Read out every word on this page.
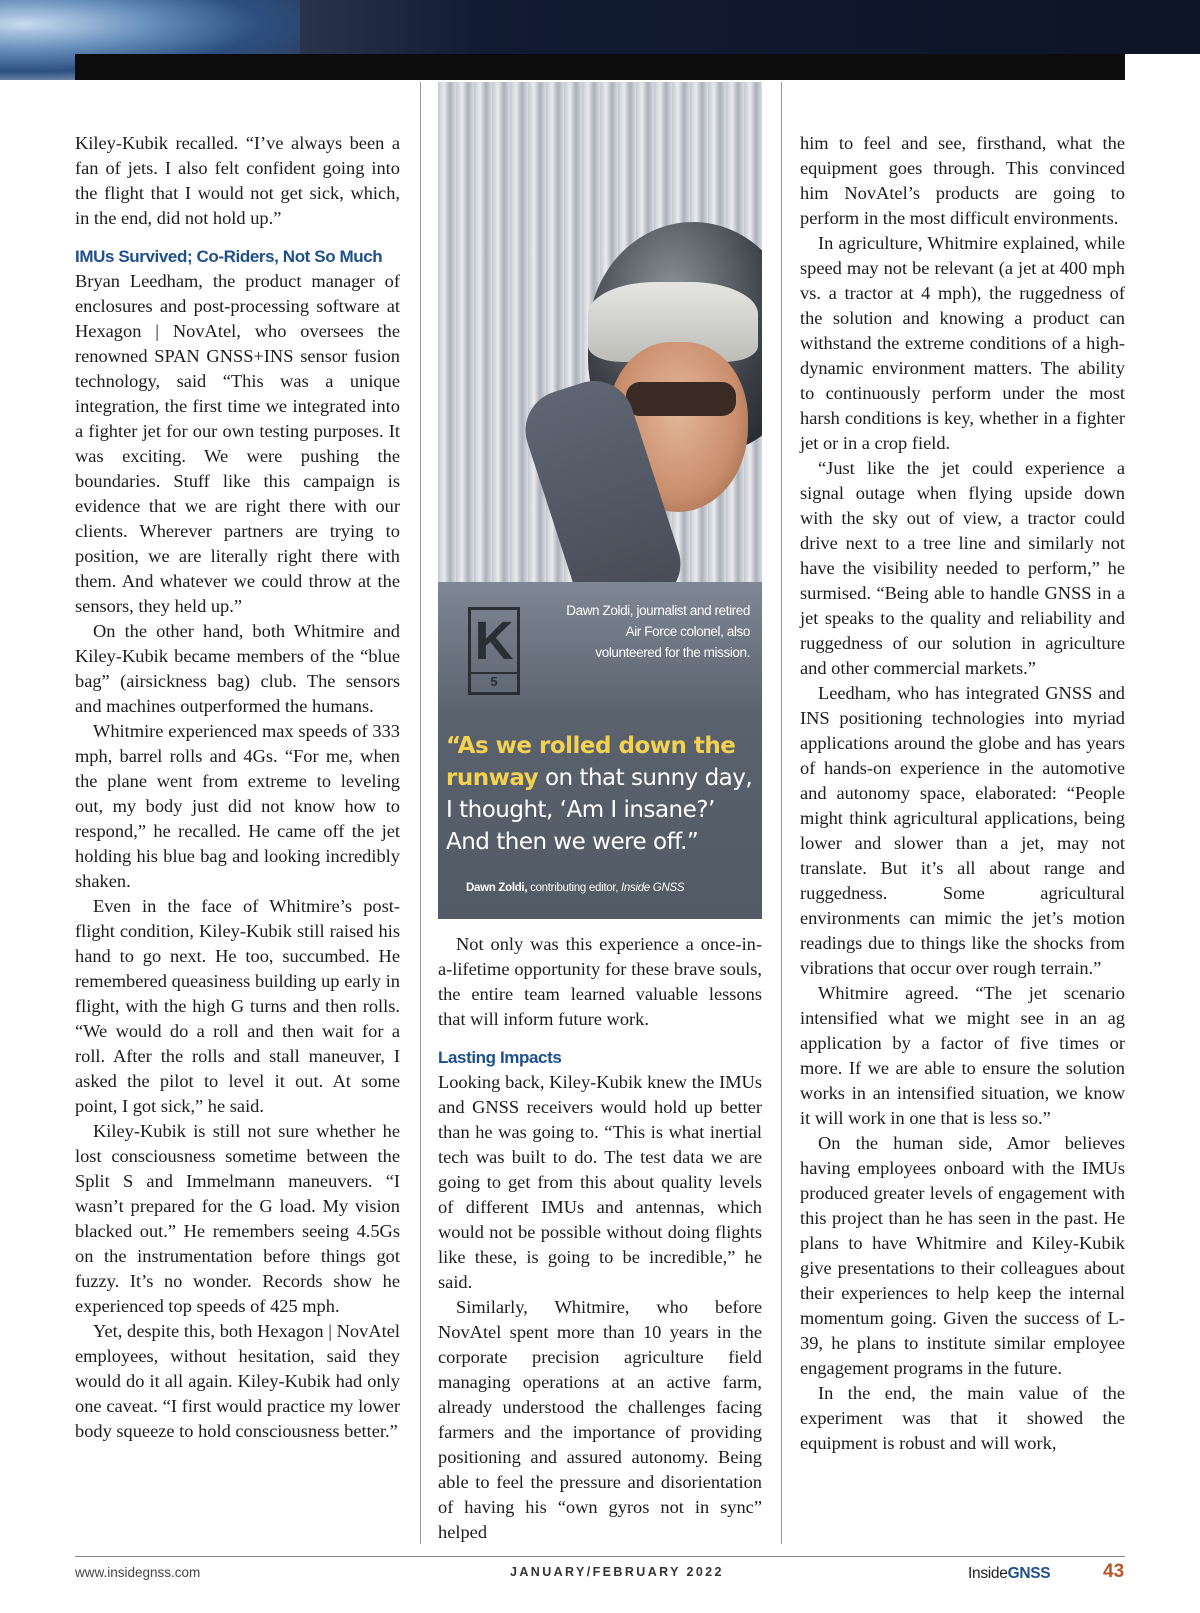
Kiley-Kubik recalled. “I’ve always been a fan of jets. I also felt confident going into the flight that I would not get sick, which, in the end, did not hold up.”

IMUs Survived; Co-Riders, Not So Much

Bryan Leedham, the product manager of enclosures and post-processing software at Hexagon | NovAtel, who oversees the renowned SPAN GNSS+INS sensor fusion technology, said “This was a unique integration, the first time we integrated into a fighter jet for our own testing purposes. It was exciting. We were pushing the boundaries. Stuff like this campaign is evidence that we are right there with our clients. Wherever partners are trying to position, we are literally right there with them. And whatever we could throw at the sensors, they held up.”

On the other hand, both Whitmire and Kiley-Kubik became members of the “blue bag” (airsickness bag) club. The sensors and machines outperformed the humans.

Whitmire experienced max speeds of 333 mph, barrel rolls and 4Gs. “For me, when the plane went from extreme to leveling out, my body just did not know how to respond,” he recalled. He came off the jet holding his blue bag and looking incredibly shaken.

Even in the face of Whitmire’s post-flight condition, Kiley-Kubik still raised his hand to go next. He too, succumbed. He remembered queasiness building up early in flight, with the high G turns and then rolls. “We would do a roll and then wait for a roll. After the rolls and stall maneuver, I asked the pilot to level it out. At some point, I got sick,” he said.

Kiley-Kubik is still not sure whether he lost consciousness sometime between the Split S and Immelmann maneuvers. “I wasn’t prepared for the G load. My vision blacked out.” He remembers seeing 4.5Gs on the instrumentation before things got fuzzy. It’s no wonder. Records show he experienced top speeds of 425 mph.

Yet, despite this, both Hexagon | NovAtel employees, without hesitation, said they would do it all again. Kiley-Kubik had only one caveat. “I first would practice my lower body squeeze to hold consciousness better.”

K
5
Dawn Zoldi, journalist and retired Air Force colonel, also volunteered for the mission.
“As we rolled down the
runway on that sunny day, I thought, ‘Am I insane?’ And then we were off.”
Dawn Zoldi, contributing editor, Inside GNSS

Not only was this experience a once-in-a-lifetime opportunity for these brave souls, the entire team learned valuable lessons that will inform future work.

Lasting Impacts

Looking back, Kiley-Kubik knew the IMUs and GNSS receivers would hold up better than he was going to. “This is what inertial tech was built to do. The test data we are going to get from this about quality levels of different IMUs and antennas, which would not be possible without doing flights like these, is going to be incredible,” he said.

Similarly, Whitmire, who before NovAtel spent more than 10 years in the corporate precision agriculture field managing operations at an active farm, already understood the challenges facing farmers and the importance of providing positioning and assured autonomy. Being able to feel the pressure and disorientation of having his “own gyros not in sync” helped

him to feel and see, firsthand, what the equipment goes through. This convinced him NovAtel’s products are going to perform in the most difficult environments.

In agriculture, Whitmire explained, while speed may not be relevant (a jet at 400 mph vs. a tractor at 4 mph), the ruggedness of the solution and knowing a product can withstand the extreme conditions of a high-dynamic environment matters. The ability to continuously perform under the most harsh conditions is key, whether in a fighter jet or in a crop field.

“Just like the jet could experience a signal outage when flying upside down with the sky out of view, a tractor could drive next to a tree line and similarly not have the visibility needed to perform,” he surmised. “Being able to handle GNSS in a jet speaks to the quality and reliability and ruggedness of our solution in agriculture and other commercial markets.”

Leedham, who has integrated GNSS and INS positioning technologies into myriad applications around the globe and has years of hands-on experience in the automotive and autonomy space, elaborated: “People might think agricultural applications, being lower and slower than a jet, may not translate. But it’s all about range and ruggedness. Some agricultural environments can mimic the jet’s motion readings due to things like the shocks from vibrations that occur over rough terrain.”

Whitmire agreed. “The jet scenario intensified what we might see in an ag application by a factor of five times or more. If we are able to ensure the solution works in an intensified situation, we know it will work in one that is less so.”

On the human side, Amor believes having employees onboard with the IMUs produced greater levels of engagement with this project than he has seen in the past. He plans to have Whitmire and Kiley-Kubik give presentations to their colleagues about their experiences to help keep the internal momentum going. Given the success of L-39, he plans to institute similar employee engagement programs in the future.

In the end, the main value of the experiment was that it showed the equipment is robust and will work,

www.insidegnss.com	JANUARY/FEBRUARY 2022	InsideGNSS	43
